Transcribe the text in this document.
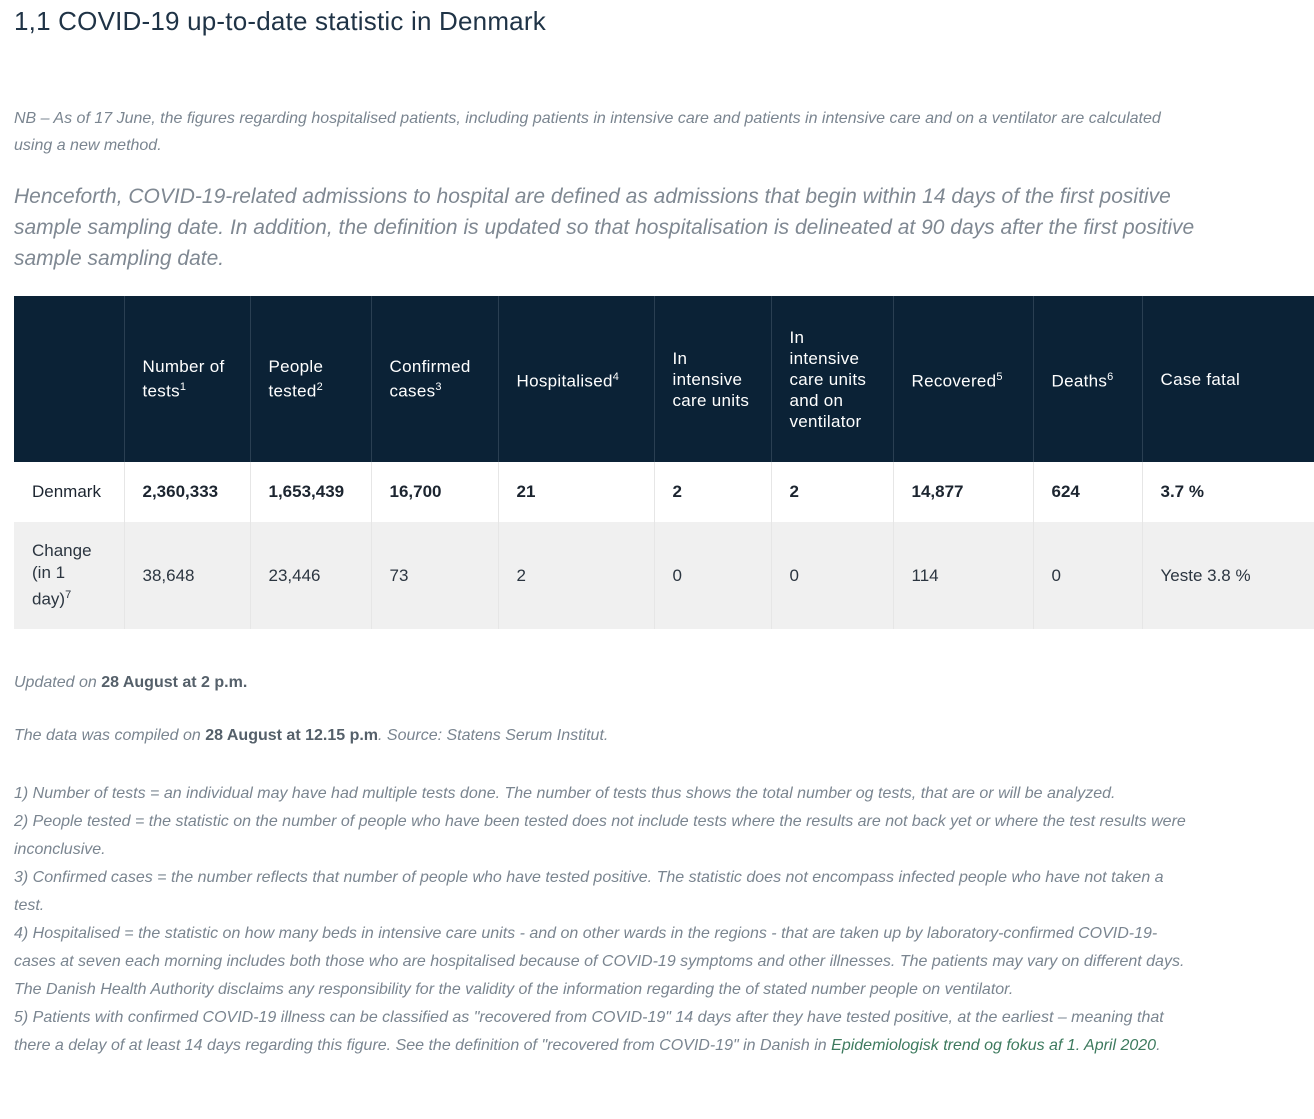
1,1 COVID-19 up-to-date statistic in Denmark

NB – As of 17 June, the figures regarding hospitalised patients, including patients in intensive care and patients in intensive care and on a ventilator are calculated using a new method.

Henceforth, COVID-19-related admissions to hospital are defined as admissions that begin within 14 days of the first positive sample sampling date. In addition, the definition is updated so that hospitalisation is delineated at 90 days after the first positive sample sampling date.

	Number of tests$^1$	People tested$^2$	Confirmed cases$^3$	Hospitalised$^4$	In intensive care units	In intensive care units and on ventilator	Recovered$^5$	Deaths$^6$	Case fatal
Denmark	2,360,333	1,653,439	16,700	21	2	2	14,877	624	3.7 %
Change (in 1 day)$^7$	38,648	23,446	73	2	0	0	114	0	Yeste 3.8 %

Updated on 28 August at 2 p.m.

The data was compiled on 28 August at 12.15 p.m. Source: Statens Serum Institut.

1) Number of tests = an individual may have had multiple tests done. The number of tests thus shows the total number og tests, that are or will be analyzed.

2) People tested = the statistic on the number of people who have been tested does not include tests where the results are not back yet or where the test results were inconclusive.

3) Confirmed cases = the number reflects that number of people who have tested positive. The statistic does not encompass infected people who have not taken a test.

4) Hospitalised = the statistic on how many beds in intensive care units - and on other wards in the regions - that are taken up by laboratory-confirmed COVID-19-cases at seven each morning includes both those who are hospitalised because of COVID-19 symptoms and other illnesses. The patients may vary on different days. The Danish Health Authority disclaims any responsibility for the validity of the information regarding the of stated number people on ventilator.

5) Patients with confirmed COVID-19 illness can be classified as "recovered from COVID-19" 14 days after they have tested positive, at the earliest – meaning that there a delay of at least 14 days regarding this figure. See the definition of "recovered from COVID-19" in Danish in Epidemiologisk trend og fokus af 1. April 2020.
